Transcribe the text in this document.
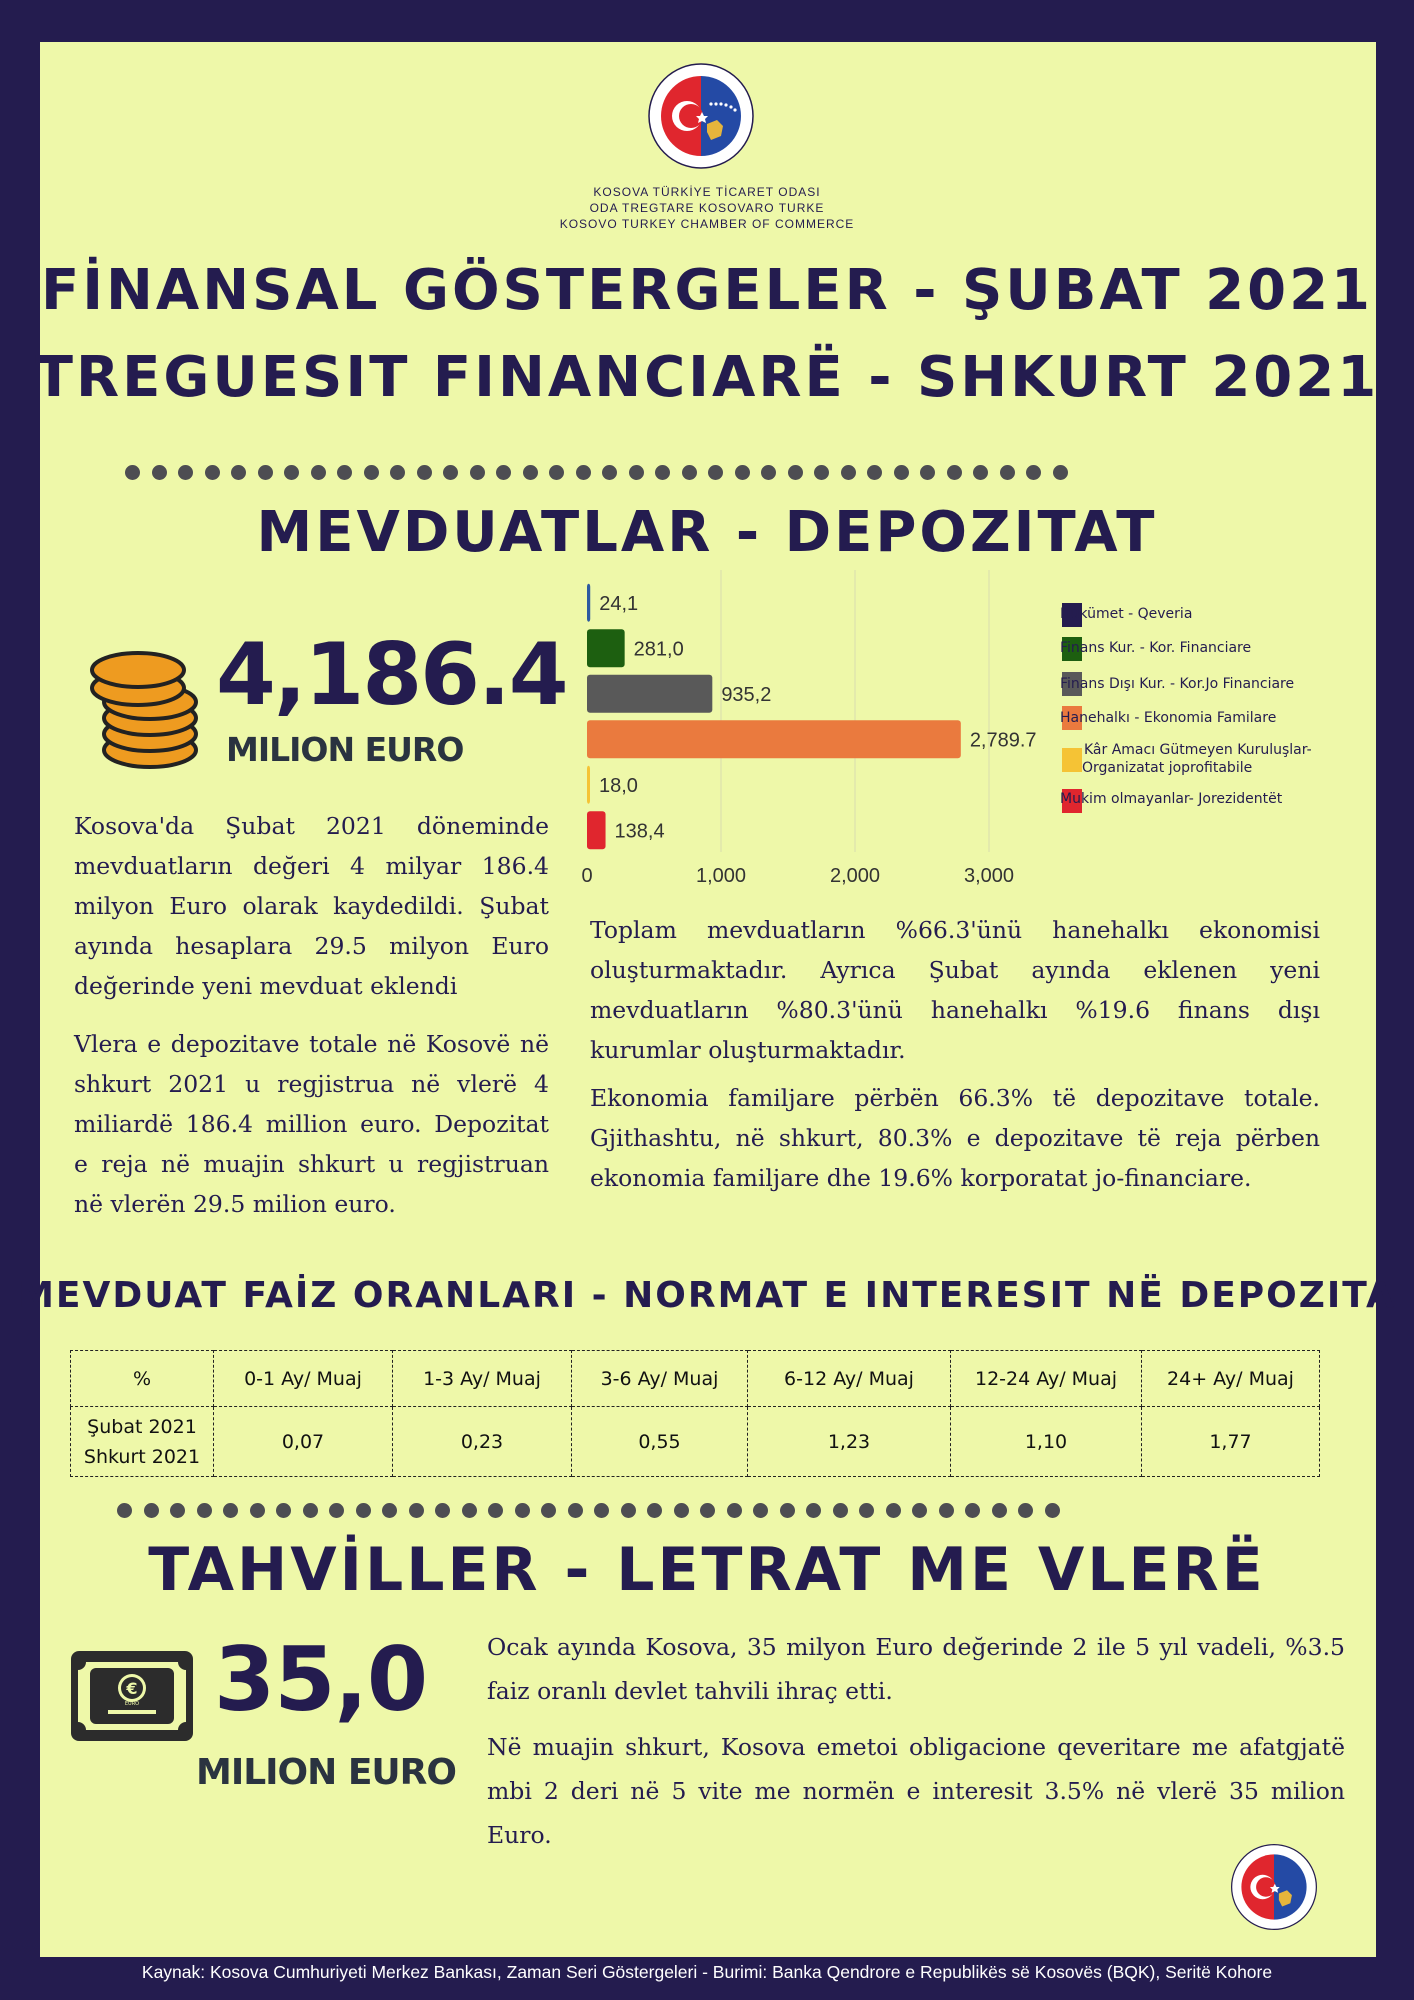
KOSOVA TÜRKİYE TİCARET ODASI
ODA TREGTARE KOSOVARO TURKE
KOSOVO TURKEY CHAMBER OF COMMERCE
FİNANSAL GÖSTERGELER - ŞUBAT 2021
TREGUESIT FINANCIARË - SHKURT 2021
MEVDUATLAR - DEPOZITAT
4,186.4
MILION EURO

Kosova'da Şubat 2021 döneminde mevduatların değeri 4 milyar 186.4 milyon Euro olarak kaydedildi. Şubat ayında hesaplara 29.5 milyon Euro değerinde yeni mevduat eklendi

Vlera e depozitave totale në Kosovë në shkurt 2021 u regjistrua në vlerë 4 miliardë 186.4 million euro. Depozitat e reja në muajin shkurt u regjistruan në vlerën 29.5 milion euro.

0	1,000	2,000	3,000
24,1
281,0
935,2
2,789.7
18,0
138,4
Hükümet - Qeveria
Finans Kur. - Kor. Financiare
Finans Dışı Kur. - Kor.Jo Financiare
Hanehalkı - Ekonomia Familare
Kâr Amacı Gütmeyen Kuruluşlar-
Organizatat joprofitabile
Mukim olmayanlar- Jorezidentët

Toplam mevduatların %66.3'ünü hanehalkı ekonomisi oluşturmaktadır. Ayrıca Şubat ayında eklenen yeni mevduatların %80.3'ünü hanehalkı %19.6 finans dışı kurumlar oluşturmaktadır.

Ekonomia familjare përbën 66.3% të depozitave totale. Gjithashtu, në shkurt, 80.3% e depozitave të reja përben ekonomia familjare dhe 19.6% korporatat jo-financiare.

MEVDUAT FAİZ ORANLARI - NORMAT E INTERESIT NË DEPOZITA
%	0-1 Ay/ Muaj	1-3 Ay/ Muaj	3-6 Ay/ Muaj	6-12 Ay/ Muaj	12-24 Ay/ Muaj	24+ Ay/ Muaj

Şubat 2021
Shkurt 2021	0,07	0,23	0,55	1,23	1,10	1,77
TAHVİLLER - LETRAT ME VLERË
€
EURO 35,0
MILION EURO

Ocak ayında Kosova, 35 milyon Euro değerinde 2 ile 5 yıl vadeli, %3.5 faiz oranlı devlet tahvili ihraç etti.

Në muajin shkurt, Kosova emetoi obligacione qeveritare me afatgjatë mbi 2 deri në 5 vite me normën e interesit 3.5% në vlerë 35 milion Euro.

Kaynak: Kosova Cumhuriyeti Merkez Bankası, Zaman Seri Göstergeleri - Burimi: Banka Qendrore e Republikës së Kosovës (BQK), Seritë Kohore
